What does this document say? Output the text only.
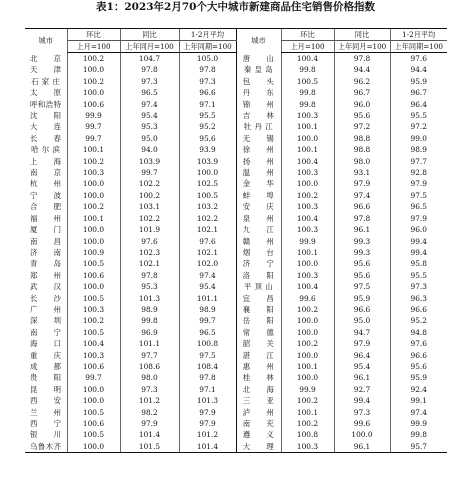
表1：2023年2月70个大中城市新建商品住宅销售价格指数
城市	环比	同比	1-2月平均	城市	环比	同比	1-2月平均
	上月=100	上年同月=100	上年同期=100		上月=100	上年同月=100	上年同期=100
北　　京	100.2	104.7	105.0	唐　　山	100.4	97.8	97.6
天　　津	100.0	97.8	97.8	秦 皇 岛	99.8	94.4	94.4
石 家 庄	100.2	97.3	97.3	包　　头	100.5	96.2	95.9
太　　原	100.0	96.5	96.6	丹　　东	99.8	96.7	96.7
呼和浩特	100.6	97.4	97.1	锦　　州	99.8	96.0	96.4
沈　　阳	99.9	95.4	95.5	吉　　林	100.3	95.6	95.5
大　　连	99.7	95.3	95.2	牡 丹 江	100.1	97.2	97.2
长　　春	99.7	95.0	95.6	无　　锡	100.0	98.8	99.0
哈 尔 滨	100.1	94.0	93.9	徐　　州	100.1	98.8	98.9
上　　海	100.2	103.9	103.9	扬　　州	100.4	98.0	97.7
南　　京	100.3	99.7	100.0	温　　州	100.3	93.1	92.8
杭　　州	100.0	102.2	102.5	金　　华	100.0	97.9	97.9
宁　　波	100.0	100.2	100.5	蚌　　埠	100.2	97.4	97.5
合　　肥	100.2	103.1	103.2	安　　庆	100.3	96.6	96.5
福　　州	100.1	102.2	102.2	泉　　州	100.4	97.8	97.9
厦　　门	100.0	101.9	102.1	九　　江	100.3	96.1	96.0
南　　昌	100.0	97.6	97.6	赣　　州	99.9	99.3	99.4
济　　南	100.9	102.3	102.1	烟　　台	100.1	99.3	99.4
青　　岛	100.5	102.1	102.0	济　　宁	100.0	95.6	95.8
郑　　州	100.6	97.8	97.4	洛　　阳	100.3	95.6	95.5
武　　汉	100.0	95.3	95.4	平 顶 山	100.4	97.5	97.3
长　　沙	100.5	101.3	101.1	宜　　昌	99.6	95.9	96.3
广　　州	100.3	98.9	98.9	襄　　阳	100.2	96.6	96.6
深　　圳	100.2	99.8	99.7	岳　　阳	100.0	95.0	95.2
南　　宁	100.5	96.9	96.5	常　　德	100.0	94.7	94.8
海　　口	100.4	101.1	100.8	韶　　关	100.2	97.9	97.6
重　　庆	100.3	97.7	97.5	湛　　江	100.0	96.4	96.6
成　　都	100.6	108.6	108.4	惠　　州	100.1	95.4	95.6
贵　　阳	99.7	98.0	97.8	桂　　林	100.0	96.1	95.9
昆　　明	100.0	97.3	97.1	北　　海	99.9	92.7	92.4
西　　安	100.0	101.2	101.3	三　　亚	100.2	99.4	99.1
兰　　州	100.5	98.2	97.9	泸　　州	100.1	97.3	97.4
西　　宁	100.6	97.9	97.9	南　　充	100.2	99.6	99.9
银　　川	100.5	101.4	101.2	遵　　义	100.8	100.0	99.8
乌鲁木齐	100.0	101.5	101.4	大　　理	100.3	96.1	95.7
